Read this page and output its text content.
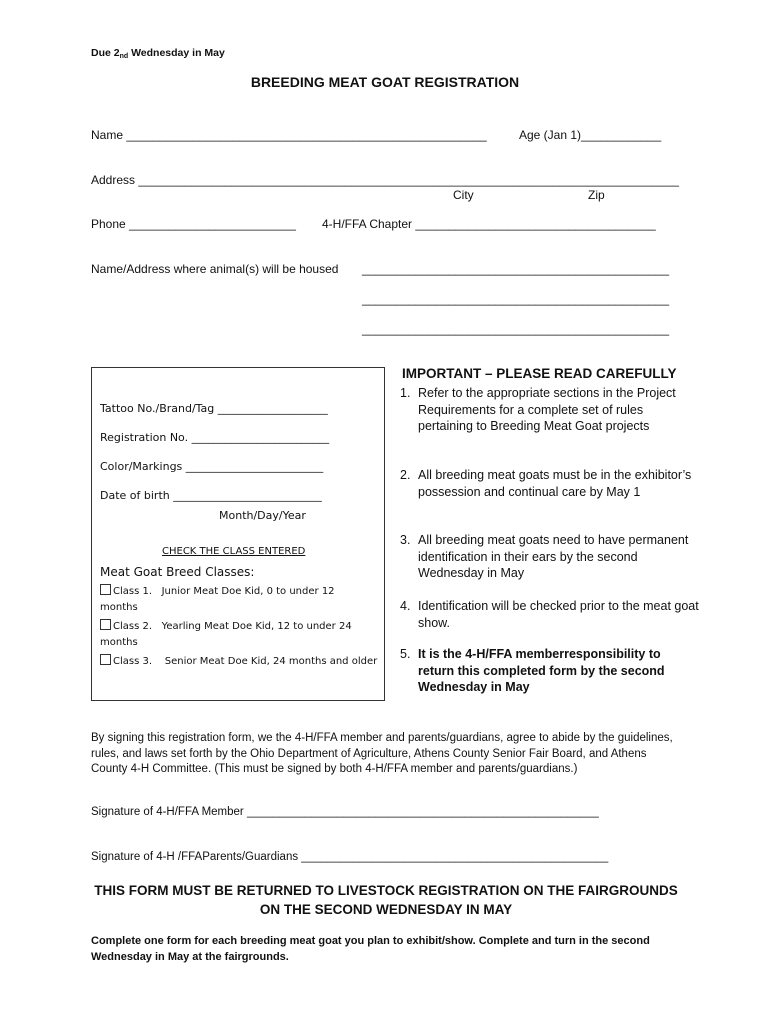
Due $2_{nd}$ Wednesday in May
BREEDING MEAT GOAT REGISTRATION
Name ______________________________________________________	Age (Jan 1)____________
Address _________________________________________________________________________________
City	Zip
Phone _________________________ 4-H/FFA Chapter ____________________________________
Name/Address where animal(s) will be housed ______________________________________________
______________________________________________
______________________________________________
Tattoo No./Brand/Tag ____________________
Registration No. _________________________
Color/Markings _________________________
Date of birth ___________________________
Month/Day/Year
CHECK THE CLASS ENTERED
Meat Goat Breed Classes:
Class 1. Junior Meat Doe Kid, 0 to under 12
months
Class 2. Yearling Meat Doe Kid, 12 to under 24
months
Class 3. Senior Meat Doe Kid, 24 months and older
IMPORTANT – PLEASE READ CAREFULLY
1. Refer to the appropriate sections in the Project Requirements for a complete set of rules pertaining to Breeding Meat Goat projects
2. All breeding meat goats must be in the exhibitor’s possession and continual care by May 1
3. All breeding meat goats need to have permanent identification in their ears by the second Wednesday in May
4. Identification will be checked prior to the meat goat show.
5. It is the 4-H/FFA memberresponsibility to return this completed form by the second Wednesday in May
By signing this registration form, we the 4-H/FFA member and parents/guardians, agree to abide by the guidelines, rules, and laws set forth by the Ohio Department of Agriculture, Athens County Senior Fair Board, and Athens County 4-H Committee. (This must be signed by both 4-H/FFA member and parents/guardians.)
Signature of 4-H/FFA Member _______________________________________________________
Signature of 4-H /FFAParents/Guardians ________________________________________________
THIS FORM MUST BE RETURNED TO LIVESTOCK REGISTRATION ON THE FAIRGROUNDS ON THE SECOND WEDNESDAY IN MAY
Complete one form for each breeding meat goat you plan to exhibit/show. Complete and turn in the second Wednesday in May at the fairgrounds.
